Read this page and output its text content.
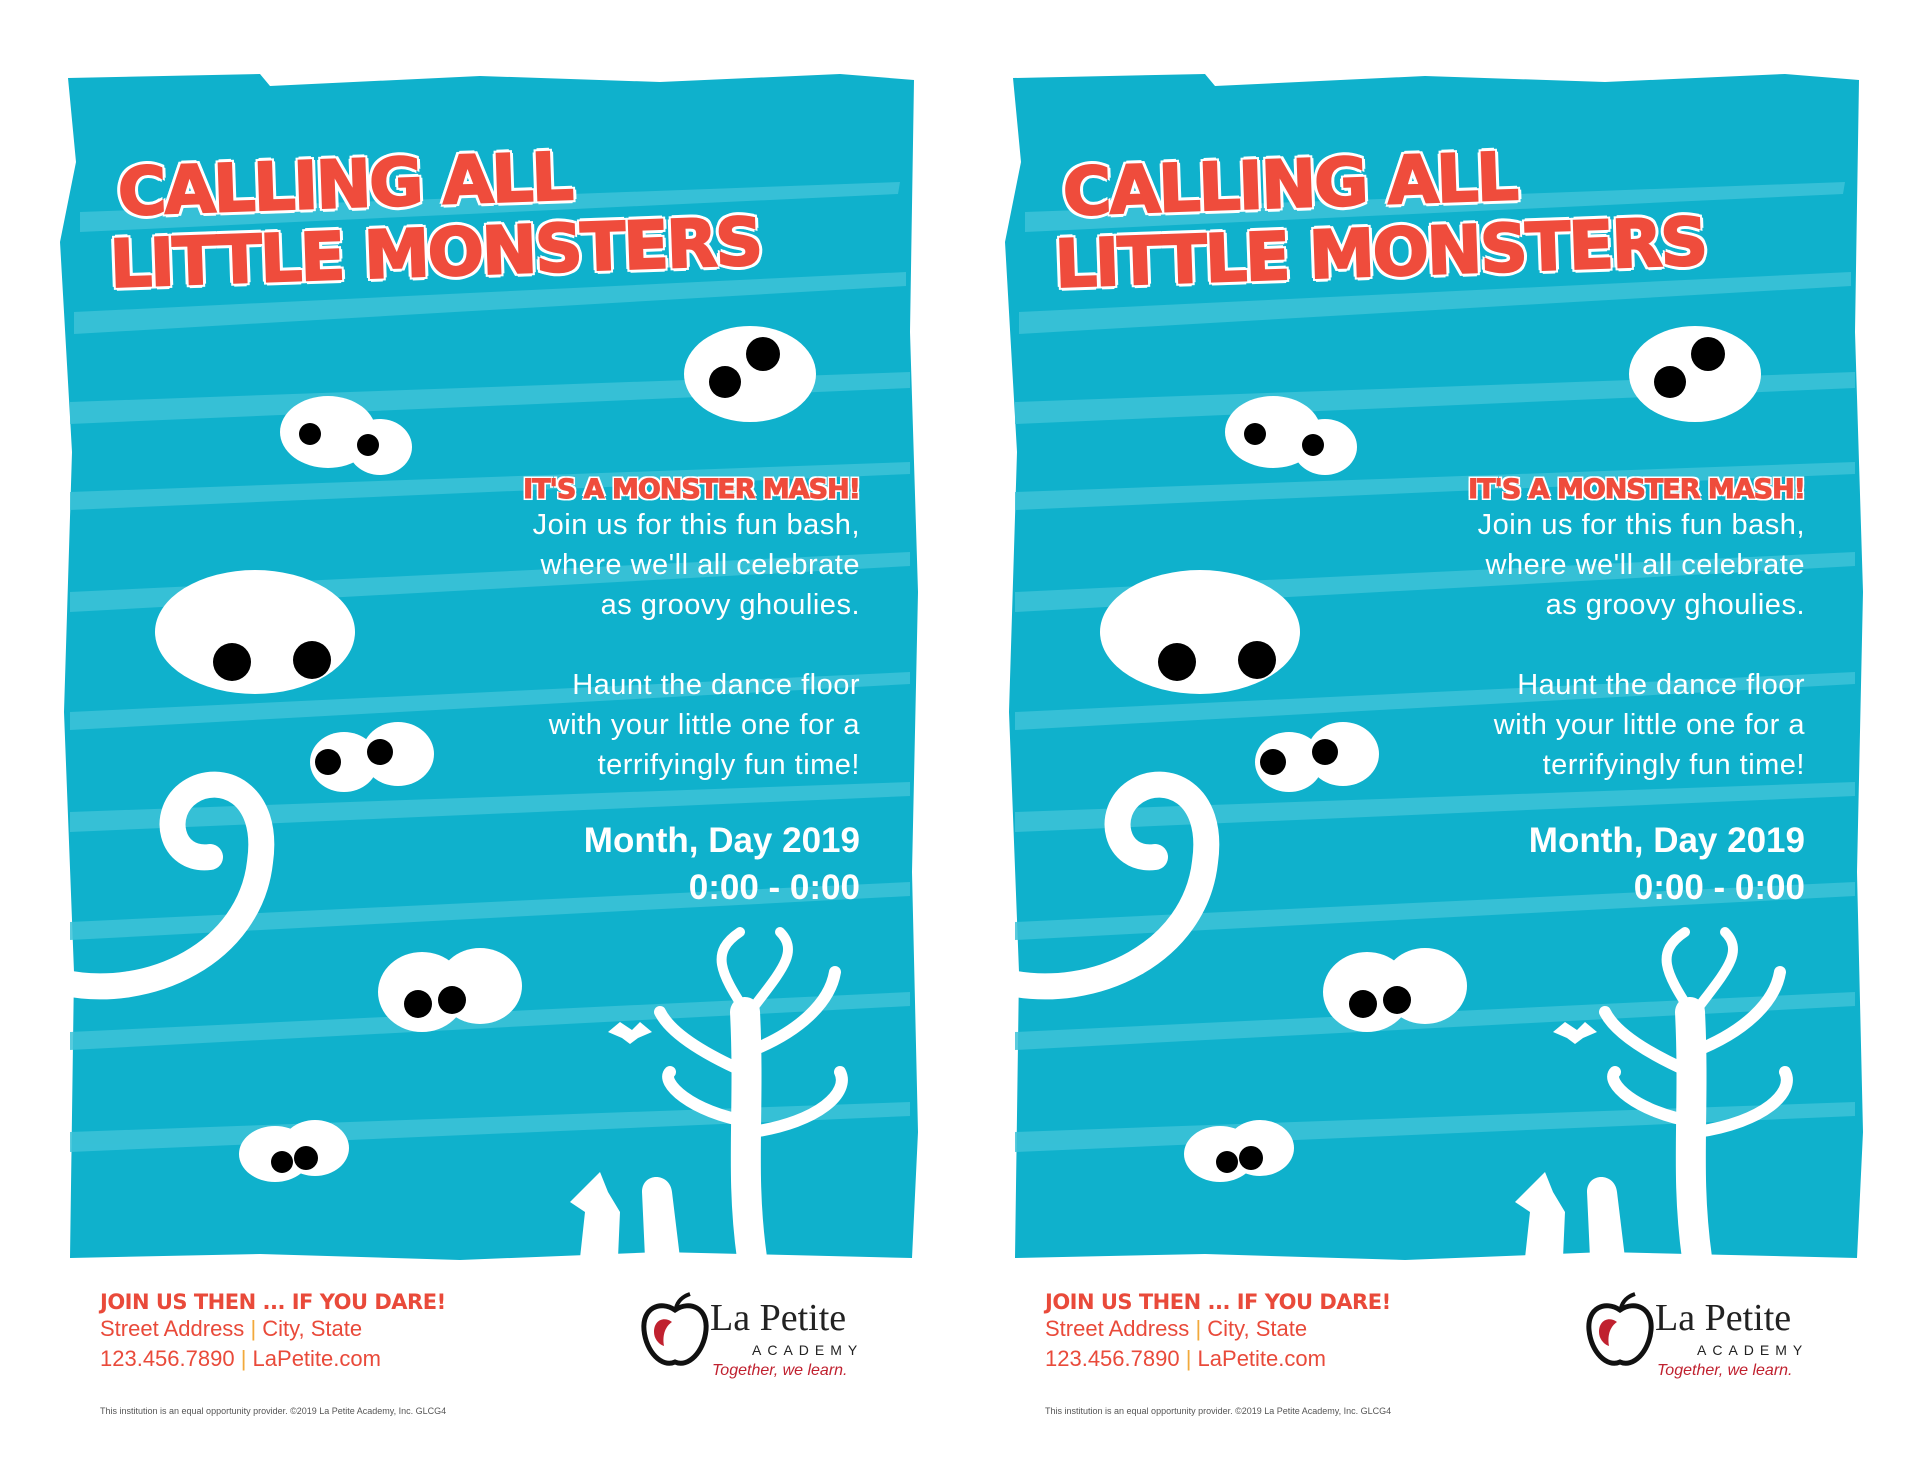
CALLING ALL
LITTLE MONSTERS
IT'S A MONSTER MASH!

Join us for this fun bash,

where we'll all celebrate

as groovy ghoulies.

Haunt the dance floor

with your little one for a

terrifyingly fun time!

Month, Day 2019
0:00 - 0:00
JOIN US THEN ... IF YOU DARE!
Street Address | City, State
123.456.7890 | LaPetite.com
La Petite
ACADEMY
Together, we learn.
This institution is an equal opportunity provider. ©2019 La Petite Academy, Inc. GLCG4
CALLING ALL
LITTLE MONSTERS
IT'S A MONSTER MASH!

Join us for this fun bash,

where we'll all celebrate

as groovy ghoulies.

Haunt the dance floor

with your little one for a

terrifyingly fun time!

Month, Day 2019
0:00 - 0:00
JOIN US THEN ... IF YOU DARE!
Street Address | City, State
123.456.7890 | LaPetite.com
La Petite
ACADEMY
Together, we learn.
This institution is an equal opportunity provider. ©2019 La Petite Academy, Inc. GLCG4
